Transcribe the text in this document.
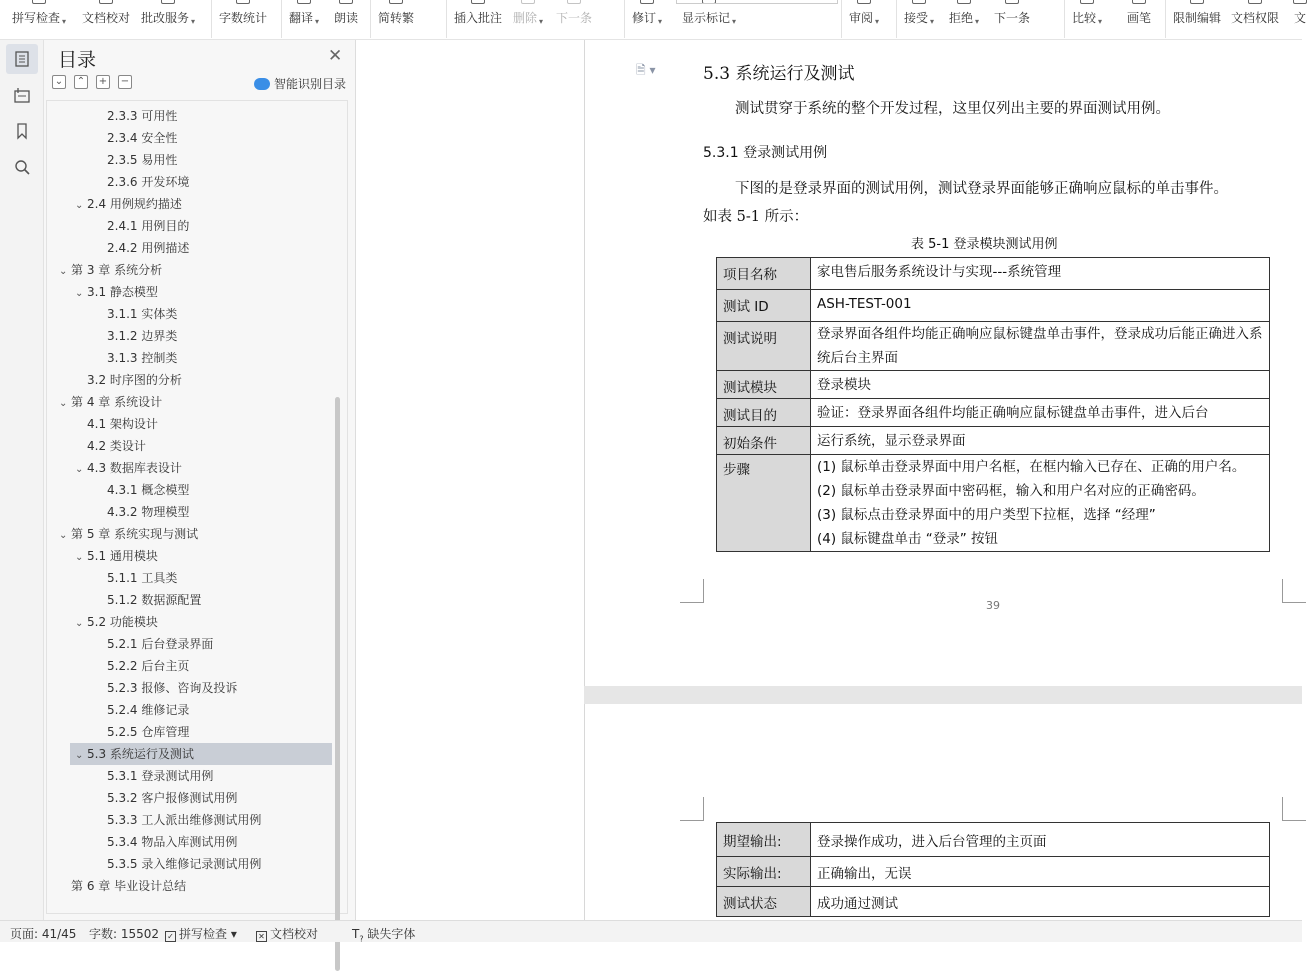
拼写检查 ▾ 文档校对 批改服务 ▾ 字数统计 翻译 ▾ 朗读 简转繁	插入批注 删除 ▾ 下一条	修订 ▾ 显示标记 ▾	审阅 ▾ 接受 ▾ 拒绝 ▾ 下一条	比较 ▾ 画笔 限制编辑 文档权限 文
目录	✕
⌄ ⌃ + −	智能识别目录
2.3.3 可用性
2.3.4 安全性
2.3.5 易用性
2.3.6 开发环境
⌄ 2.4 用例规约描述
2.4.1 用例目的
2.4.2 用例描述
⌄ 第 3 章 系统分析
⌄ 3.1 静态模型
3.1.1 实体类
3.1.2 边界类
3.1.3 控制类
3.2 时序图的分析
⌄ 第 4 章 系统设计
4.1 架构设计
4.2 类设计
⌄ 4.3 数据库表设计
4.3.1 概念模型
4.3.2 物理模型
⌄ 第 5 章 系统实现与测试
⌄ 5.1 通用模块
5.1.1 工具类
5.1.2 数据源配置
⌄ 5.2 功能模块
5.2.1 后台登录界面
5.2.2 后台主页
5.2.3 报修、咨询及投诉
5.2.4 维修记录
5.2.5 仓库管理
⌄ 5.3 系统运行及测试
5.3.1 登录测试用例
5.3.2 客户报修测试用例
5.3.3 工人派出维修测试用例
5.3.4 物品入库测试用例
5.3.5 录入维修记录测试用例
第 6 章 毕业设计总结
🗎 ▾	5.3 系统运行及测试
测试贯穿于系统的整个开发过程，这里仅列出主要的界面测试用例。
5.3.1 登录测试用例
下图的是登录界面的测试用例，测试登录界面能够正确响应鼠标的单击事件。
如表 5-1 所示：
表 5-1 登录模块测试用例
项目名称	家电售后服务系统设计与实现---系统管理
测试 ID	ASH-TEST-001
测试说明	登录界面各组件均能正确响应鼠标键盘单击事件，登录成功后能正确进入系统后台主界面
测试模块	登录模块
测试目的	验证：登录界面各组件均能正确响应鼠标键盘单击事件，进入后台
初始条件	运行系统，显示登录界面
步骤	(1) 鼠标单击登录界面中用户名框，在框内输入已存在、正确的用户名。
(2) 鼠标单击登录界面中密码框，输入和用户名对应的正确密码。
(3) 鼠标点击登录界面中的用户类型下拉框，选择 “经理”
(4) 鼠标键盘单击 “登录” 按钮
39
期望输出:	登录操作成功，进入后台管理的主页面
实际输出:	正确输出，无误
测试状态	成功通过测试
页面: 41/45 字数: 15502 ✓ 拼写检查 ▾	✕ 文档校对	$T_?$ 缺失字体
